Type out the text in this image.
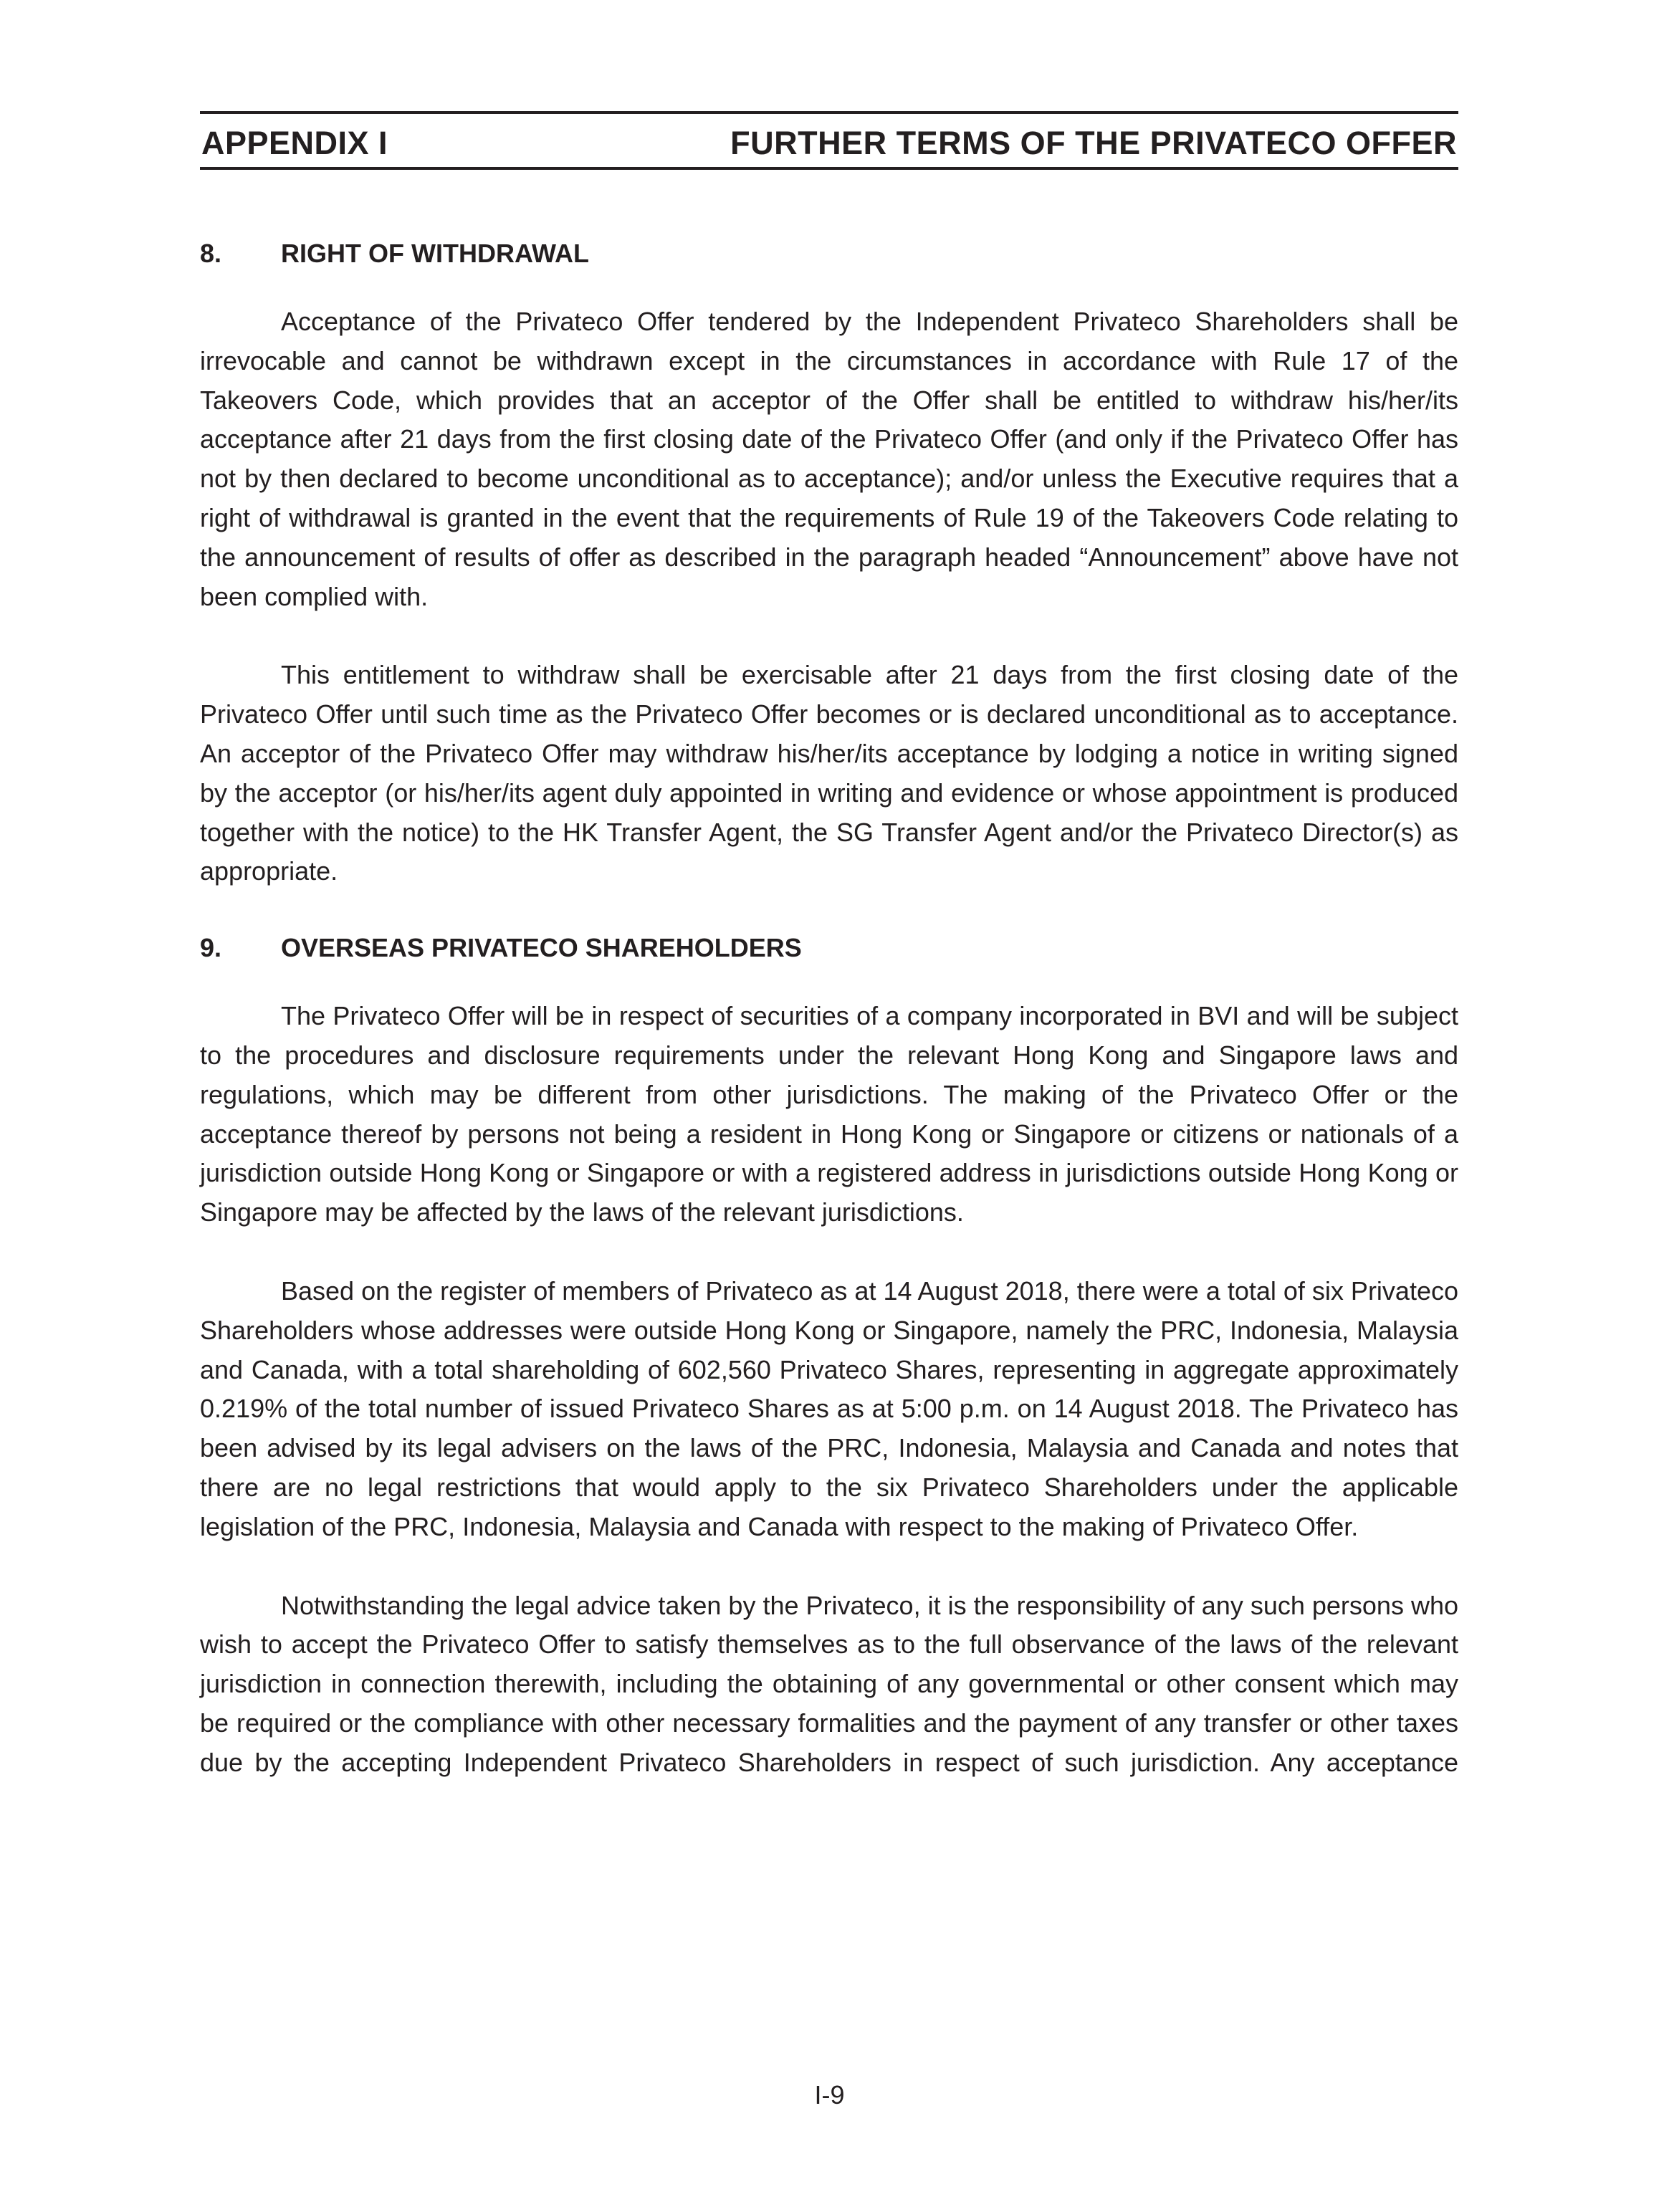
APPENDIX I	FURTHER TERMS OF THE PRIVATECO OFFER
8.	RIGHT OF WITHDRAWAL

Acceptance of the Privateco Offer tendered by the Independent Privateco Shareholders shall be irrevocable and cannot be withdrawn except in the circumstances in accordance with Rule 17 of the Takeovers Code, which provides that an acceptor of the Offer shall be entitled to withdraw his/her/its acceptance after 21 days from the first closing date of the Privateco Offer (and only if the Privateco Offer has not by then declared to become unconditional as to acceptance); and/or unless the Executive requires that a right of withdrawal is granted in the event that the requirements of Rule 19 of the Takeovers Code relating to the announcement of results of offer as described in the paragraph headed “Announcement” above have not been complied with.

This entitlement to withdraw shall be exercisable after 21 days from the first closing date of the Privateco Offer until such time as the Privateco Offer becomes or is declared unconditional as to acceptance. An acceptor of the Privateco Offer may withdraw his/her/its acceptance by lodging a notice in writing signed by the acceptor (or his/her/its agent duly appointed in writing and evidence or whose appointment is produced together with the notice) to the HK Transfer Agent, the SG Transfer Agent and/or the Privateco Director(s) as appropriate.

9.	OVERSEAS PRIVATECO SHAREHOLDERS

The Privateco Offer will be in respect of securities of a company incorporated in BVI and will be subject to the procedures and disclosure requirements under the relevant Hong Kong and Singapore laws and regulations, which may be different from other jurisdictions. The making of the Privateco Offer or the acceptance thereof by persons not being a resident in Hong Kong or Singapore or citizens or nationals of a jurisdiction outside Hong Kong or Singapore or with a registered address in jurisdictions outside Hong Kong or Singapore may be affected by the laws of the relevant jurisdictions.

Based on the register of members of Privateco as at 14 August 2018, there were a total of six Privateco Shareholders whose addresses were outside Hong Kong or Singapore, namely the PRC, Indonesia, Malaysia and Canada, with a total shareholding of 602,560 Privateco Shares, representing in aggregate approximately 0.219% of the total number of issued Privateco Shares as at 5:00 p.m. on 14 August 2018. The Privateco has been advised by its legal advisers on the laws of the PRC, Indonesia, Malaysia and Canada and notes that there are no legal restrictions that would apply to the six Privateco Shareholders under the applicable legislation of the PRC, Indonesia, Malaysia and Canada with respect to the making of Privateco Offer.

Notwithstanding the legal advice taken by the Privateco, it is the responsibility of any such persons who wish to accept the Privateco Offer to satisfy themselves as to the full observance of the laws of the relevant jurisdiction in connection therewith, including the obtaining of any governmental or other consent which may be required or the compliance with other necessary formalities and the payment of any transfer or other taxes due by the accepting Independent Privateco Shareholders in respect of such jurisdiction. Any acceptance

I-9
